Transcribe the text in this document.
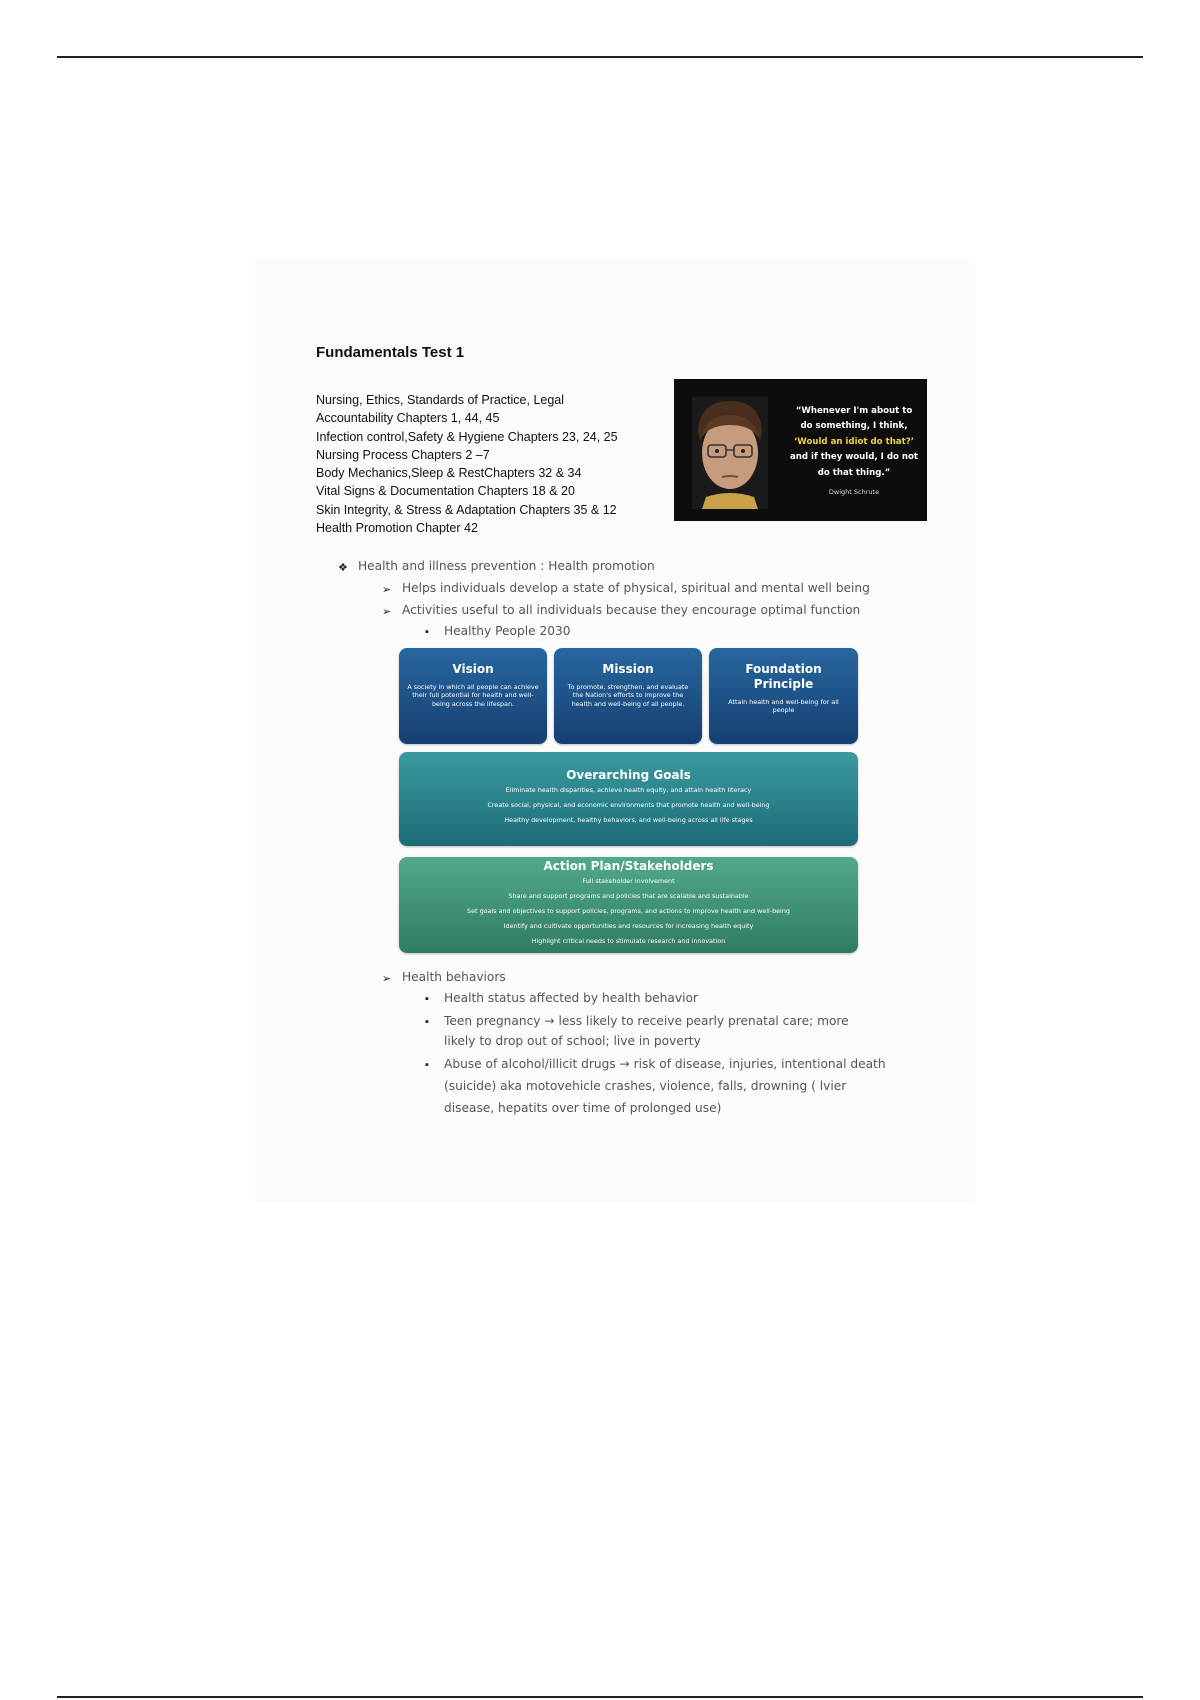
Fundamentals Test 1
Nursing, Ethics, Standards of Practice, Legal
Accountability Chapters 1, 44, 45
Infection control,Safety & Hygiene Chapters 23, 24, 25
Nursing Process Chapters 2 –7
Body Mechanics,Sleep & RestChapters 32 & 34
Vital Signs & Documentation Chapters 18 & 20
Skin Integrity, & Stress & Adaptation Chapters 35 & 12
Health Promotion Chapter 42
“Whenever I'm about to
do something, I think,
‘Would an idiot do that?’
and if they would, I do not
do that thing.”
Dwight Schrute
❖ Health and illness prevention : Health promotion
➢ Helps individuals develop a state of physical, spiritual and mental well being
➢ Activities useful to all individuals because they encourage optimal function
▪ Healthy People 2030
Vision
A society in which all people can achieve their full potential for health and well-being across the lifespan.
Mission
To promote, strengthen, and evaluate the Nation's efforts to improve the health and well-being of all people.
Foundation
Principle
Attain health and well-being for all people
Overarching Goals
Eliminate health disparities, achieve health equity, and attain health literacy
Create social, physical, and economic environments that promote health and well-being
Healthy development, healthy behaviors, and well-being across all life stages
Action Plan/Stakeholders
Full stakeholder involvement
Share and support programs and policies that are scalable and sustainable
Set goals and objectives to support policies, programs, and actions to improve health and well-being
Identify and cultivate opportunities and resources for increasing health equity
Highlight critical needs to stimulate research and innovation
➢ Health behaviors
▪ Health status affected by health behavior
▪ Teen pregnancy → less likely to receive pearly prenatal care; more
likely to drop out of school; live in poverty
▪ Abuse of alcohol/illicit drugs → risk of disease, injuries, intentional death
(suicide) aka motovehicle crashes, violence, falls, drowning ( lvier
disease, hepatits over time of prolonged use)
